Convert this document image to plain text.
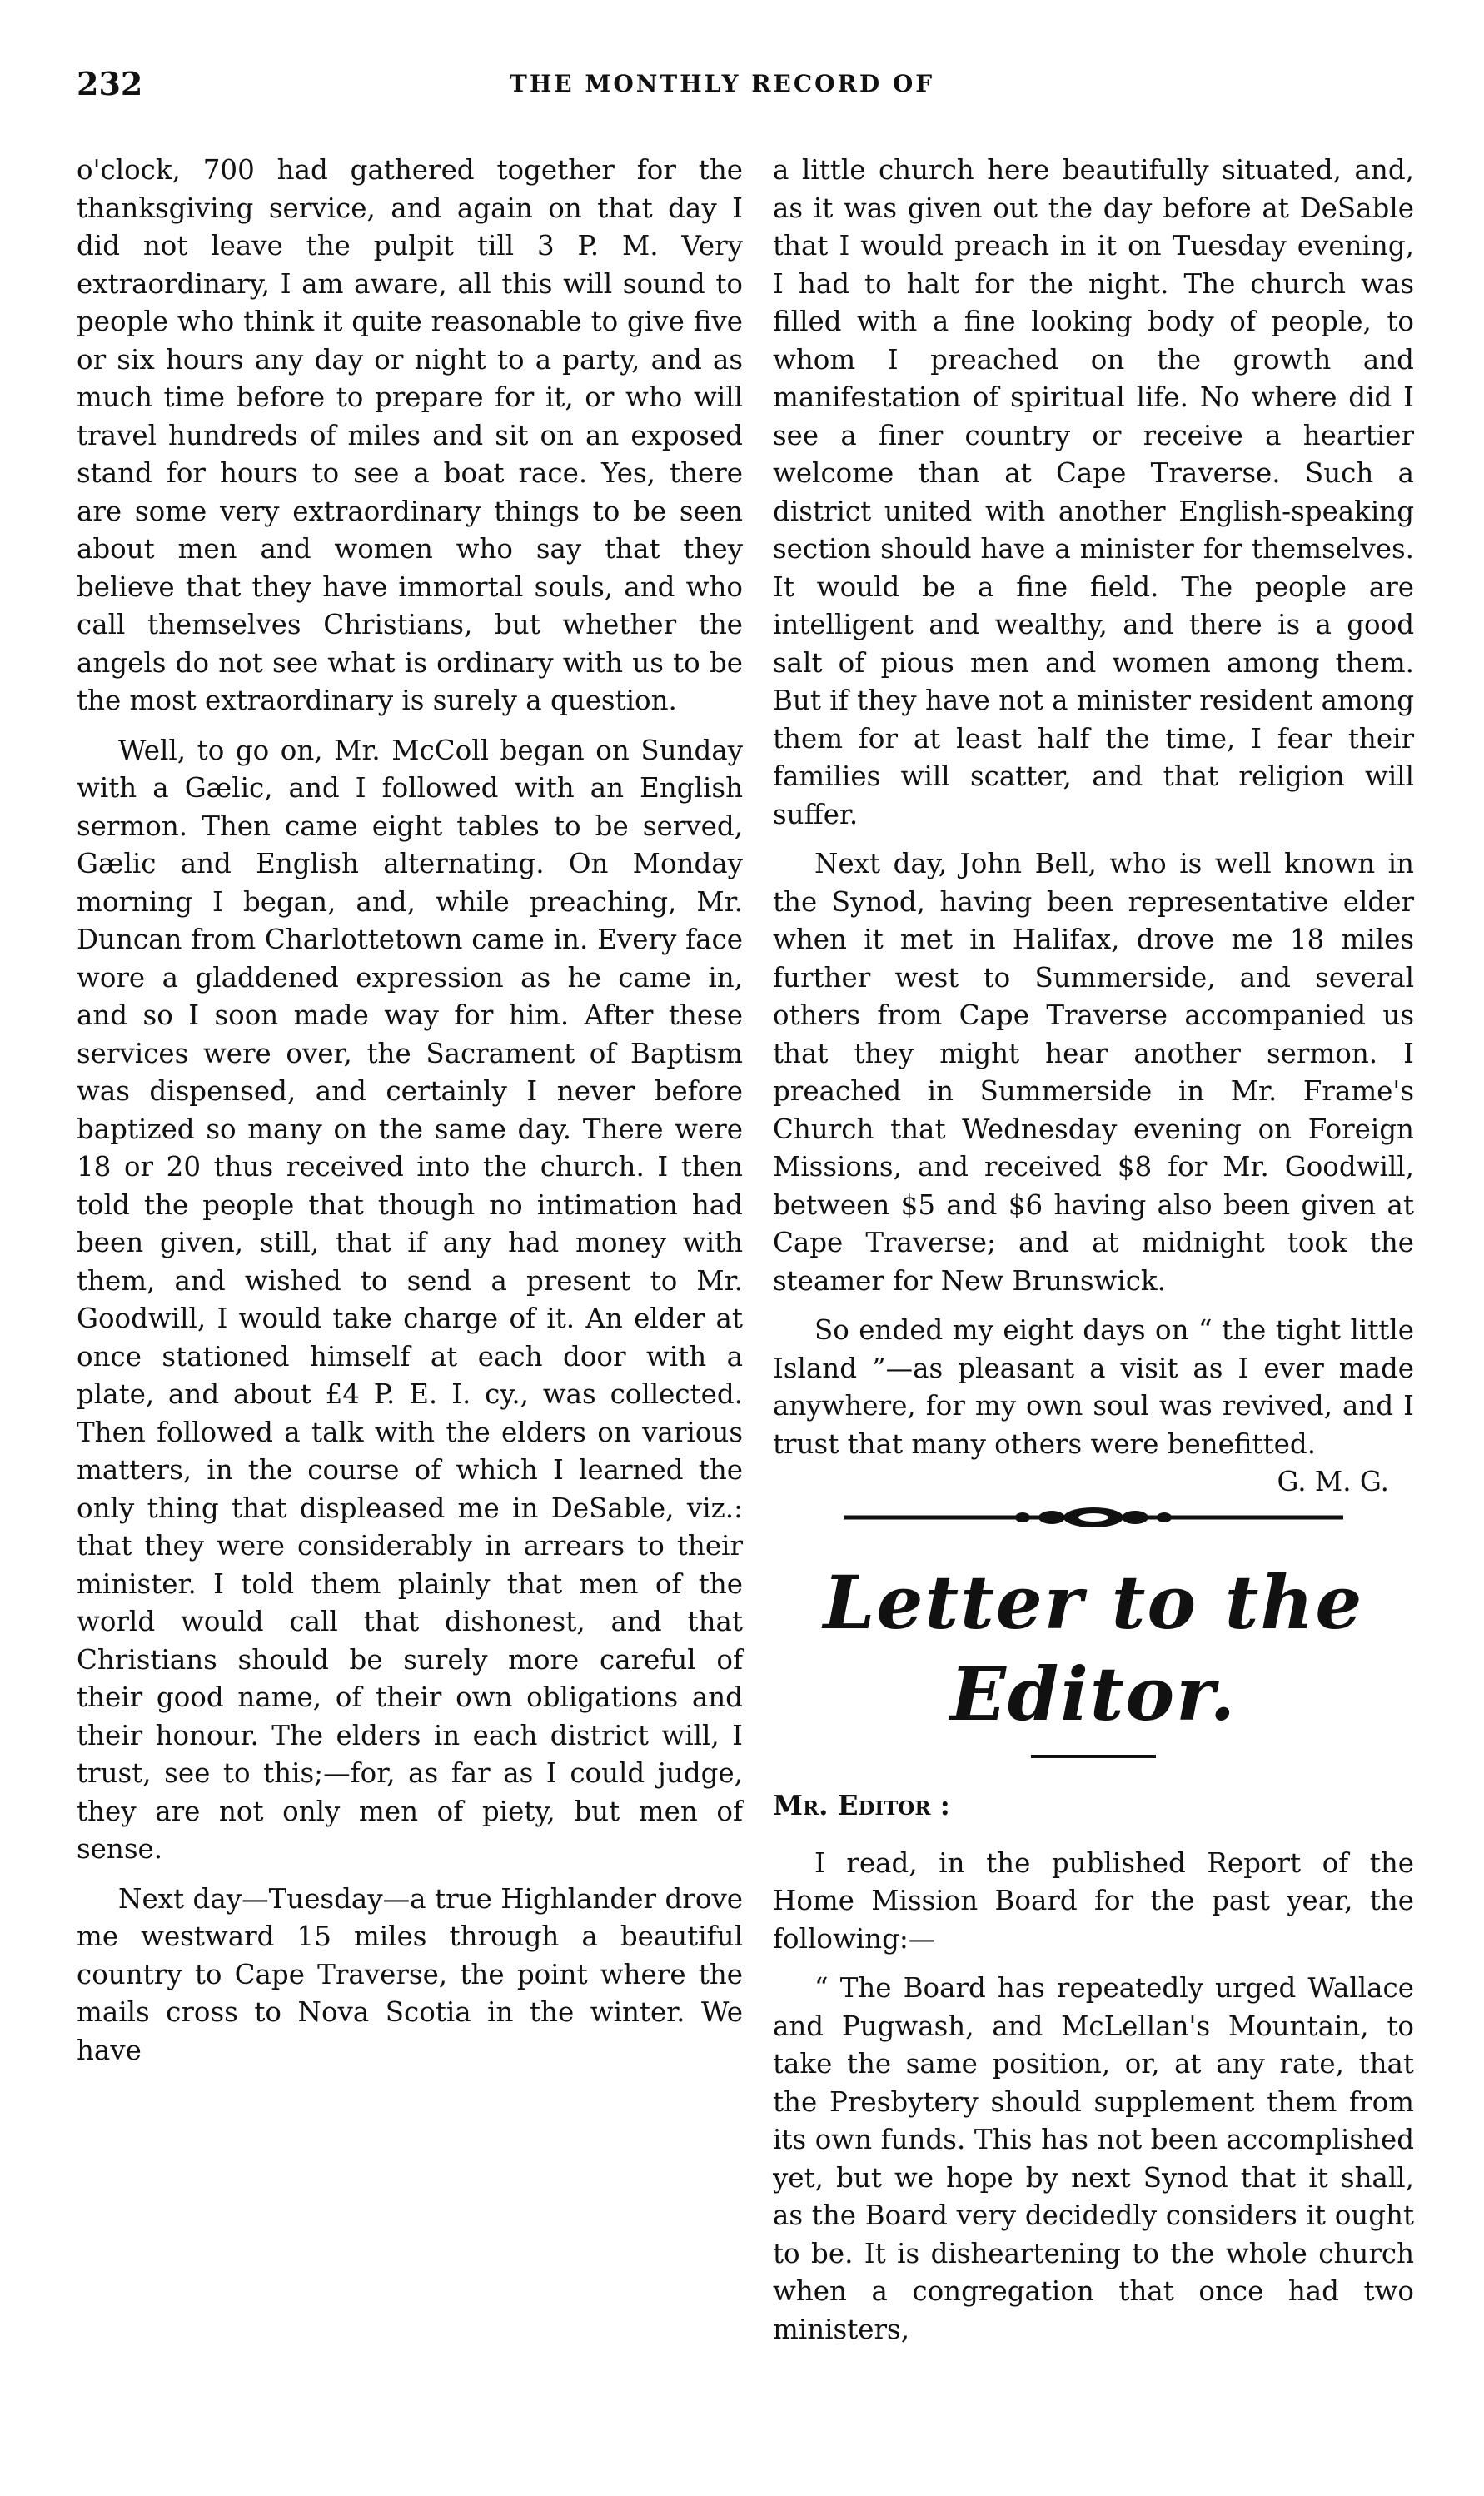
232	THE MONTHLY RECORD OF

o'clock, 700 had gathered together for the thanksgiving service, and again on that day I did not leave the pulpit till 3 P. M. Very extraordinary, I am aware, all this will sound to people who think it quite reasonable to give five or six hours any day or night to a party, and as much time before to prepare for it, or who will travel hundreds of miles and sit on an exposed stand for hours to see a boat race. Yes, there are some very extraordinary things to be seen about men and women who say that they believe that they have immortal souls, and who call themselves Christians, but whether the angels do not see what is ordinary with us to be the most extraordinary is surely a question.

Well, to go on, Mr. McColl began on Sunday with a Gælic, and I followed with an English sermon. Then came eight tables to be served, Gælic and English alternating. On Monday morning I began, and, while preaching, Mr. Duncan from Charlottetown came in. Every face wore a gladdened expression as he came in, and so I soon made way for him. After these services were over, the Sacrament of Baptism was dispensed, and certainly I never before baptized so many on the same day. There were 18 or 20 thus received into the church. I then told the people that though no intimation had been given, still, that if any had money with them, and wished to send a present to Mr. Goodwill, I would take charge of it. An elder at once stationed himself at each door with a plate, and about £4 P. E. I. cy., was collected. Then followed a talk with the elders on various matters, in the course of which I learned the only thing that displeased me in DeSable, viz.: that they were considerably in arrears to their minister. I told them plainly that men of the world would call that dishonest, and that Christians should be surely more careful of their good name, of their own obligations and their honour. The elders in each district will, I trust, see to this;—for, as far as I could judge, they are not only men of piety, but men of sense.

Next day—Tuesday—a true Highlander drove me westward 15 miles through a beautiful country to Cape Traverse, the point where the mails cross to Nova Scotia in the winter. We have

a little church here beautifully situated, and, as it was given out the day before at DeSable that I would preach in it on Tuesday evening, I had to halt for the night. The church was filled with a fine looking body of people, to whom I preached on the growth and manifestation of spiritual life. No where did I see a finer country or receive a heartier welcome than at Cape Traverse. Such a district united with another English-speaking section should have a minister for themselves. It would be a fine field. The people are intelligent and wealthy, and there is a good salt of pious men and women among them. But if they have not a minister resident among them for at least half the time, I fear their families will scatter, and that religion will suffer.

Next day, John Bell, who is well known in the Synod, having been representative elder when it met in Halifax, drove me 18 miles further west to Summerside, and several others from Cape Traverse accompanied us that they might hear another sermon. I preached in Summerside in Mr. Frame's Church that Wednesday evening on Foreign Missions, and received $8 for Mr. Goodwill, between $5 and $6 having also been given at Cape Traverse; and at midnight took the steamer for New Brunswick.

So ended my eight days on “ the tight little Island ”—as pleasant a visit as I ever made anywhere, for my own soul was revived, and I trust that many others were benefitted.
G. M. G.

Letter to the Editor.

Mr. Editor :

I read, in the published Report of the Home Mission Board for the past year, the following:—

“ The Board has repeatedly urged Wallace and Pugwash, and McLellan's Mountain, to take the same position, or, at any rate, that the Presbytery should supplement them from its own funds. This has not been accomplished yet, but we hope by next Synod that it shall, as the Board very decidedly considers it ought to be. It is disheartening to the whole church when a congregation that once had two ministers,
